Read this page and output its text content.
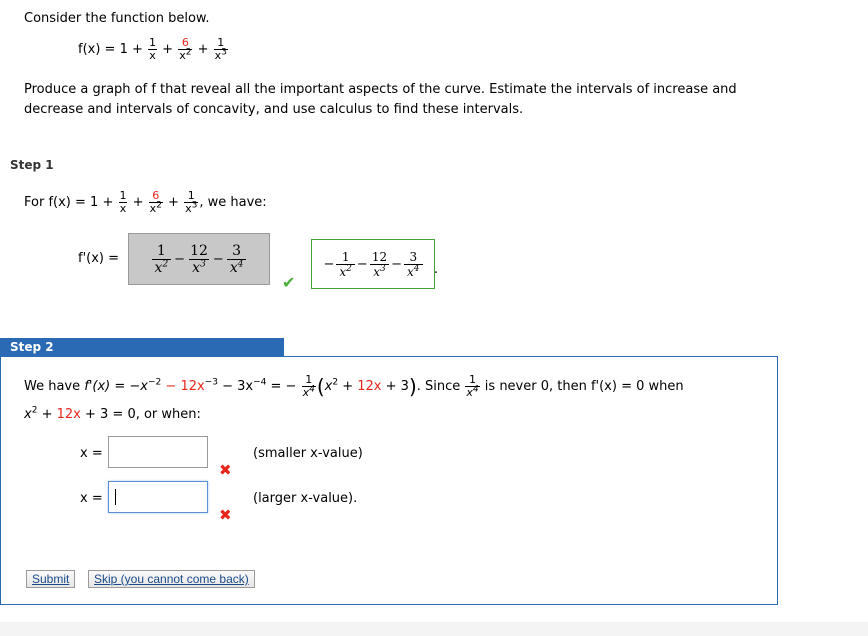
Consider the function below.
$f(x) = 1 + \frac{1}{x} + \frac{6}{x^2} + \frac{1}{x^3}$
Produce a graph of f that reveal all the important aspects of the curve. Estimate the intervals of increase and
decrease and intervals of concavity, and use calculus to find these intervals.
Step 1
For $f(x) = 1 + \frac{1}{x} + \frac{6}{x^2} + \frac{1}{x^3}$ , we have:
f'(x) =	1
$x^2 - \frac{12}{x^3} - \frac{3}{x^4}$
✔
− $\frac{1}{x^2} - \frac{12}{x^3} - \frac{3}{x^4}$ .
Step 2
We have $f'(x) = -x^{-2} - 12x^{-3} - 3x^{-4}$ = − $\frac{1}{x^4} (x^2 + 12x + 3)$. Since $\frac{1}{x^4}$ is never 0, then f'(x) = 0 when
$x^2 + 12x + 3 = 0$, or when:
x =
✖
(smaller x-value)
x =
✖
(larger x-value).
Submit	Skip (you cannot come back)
